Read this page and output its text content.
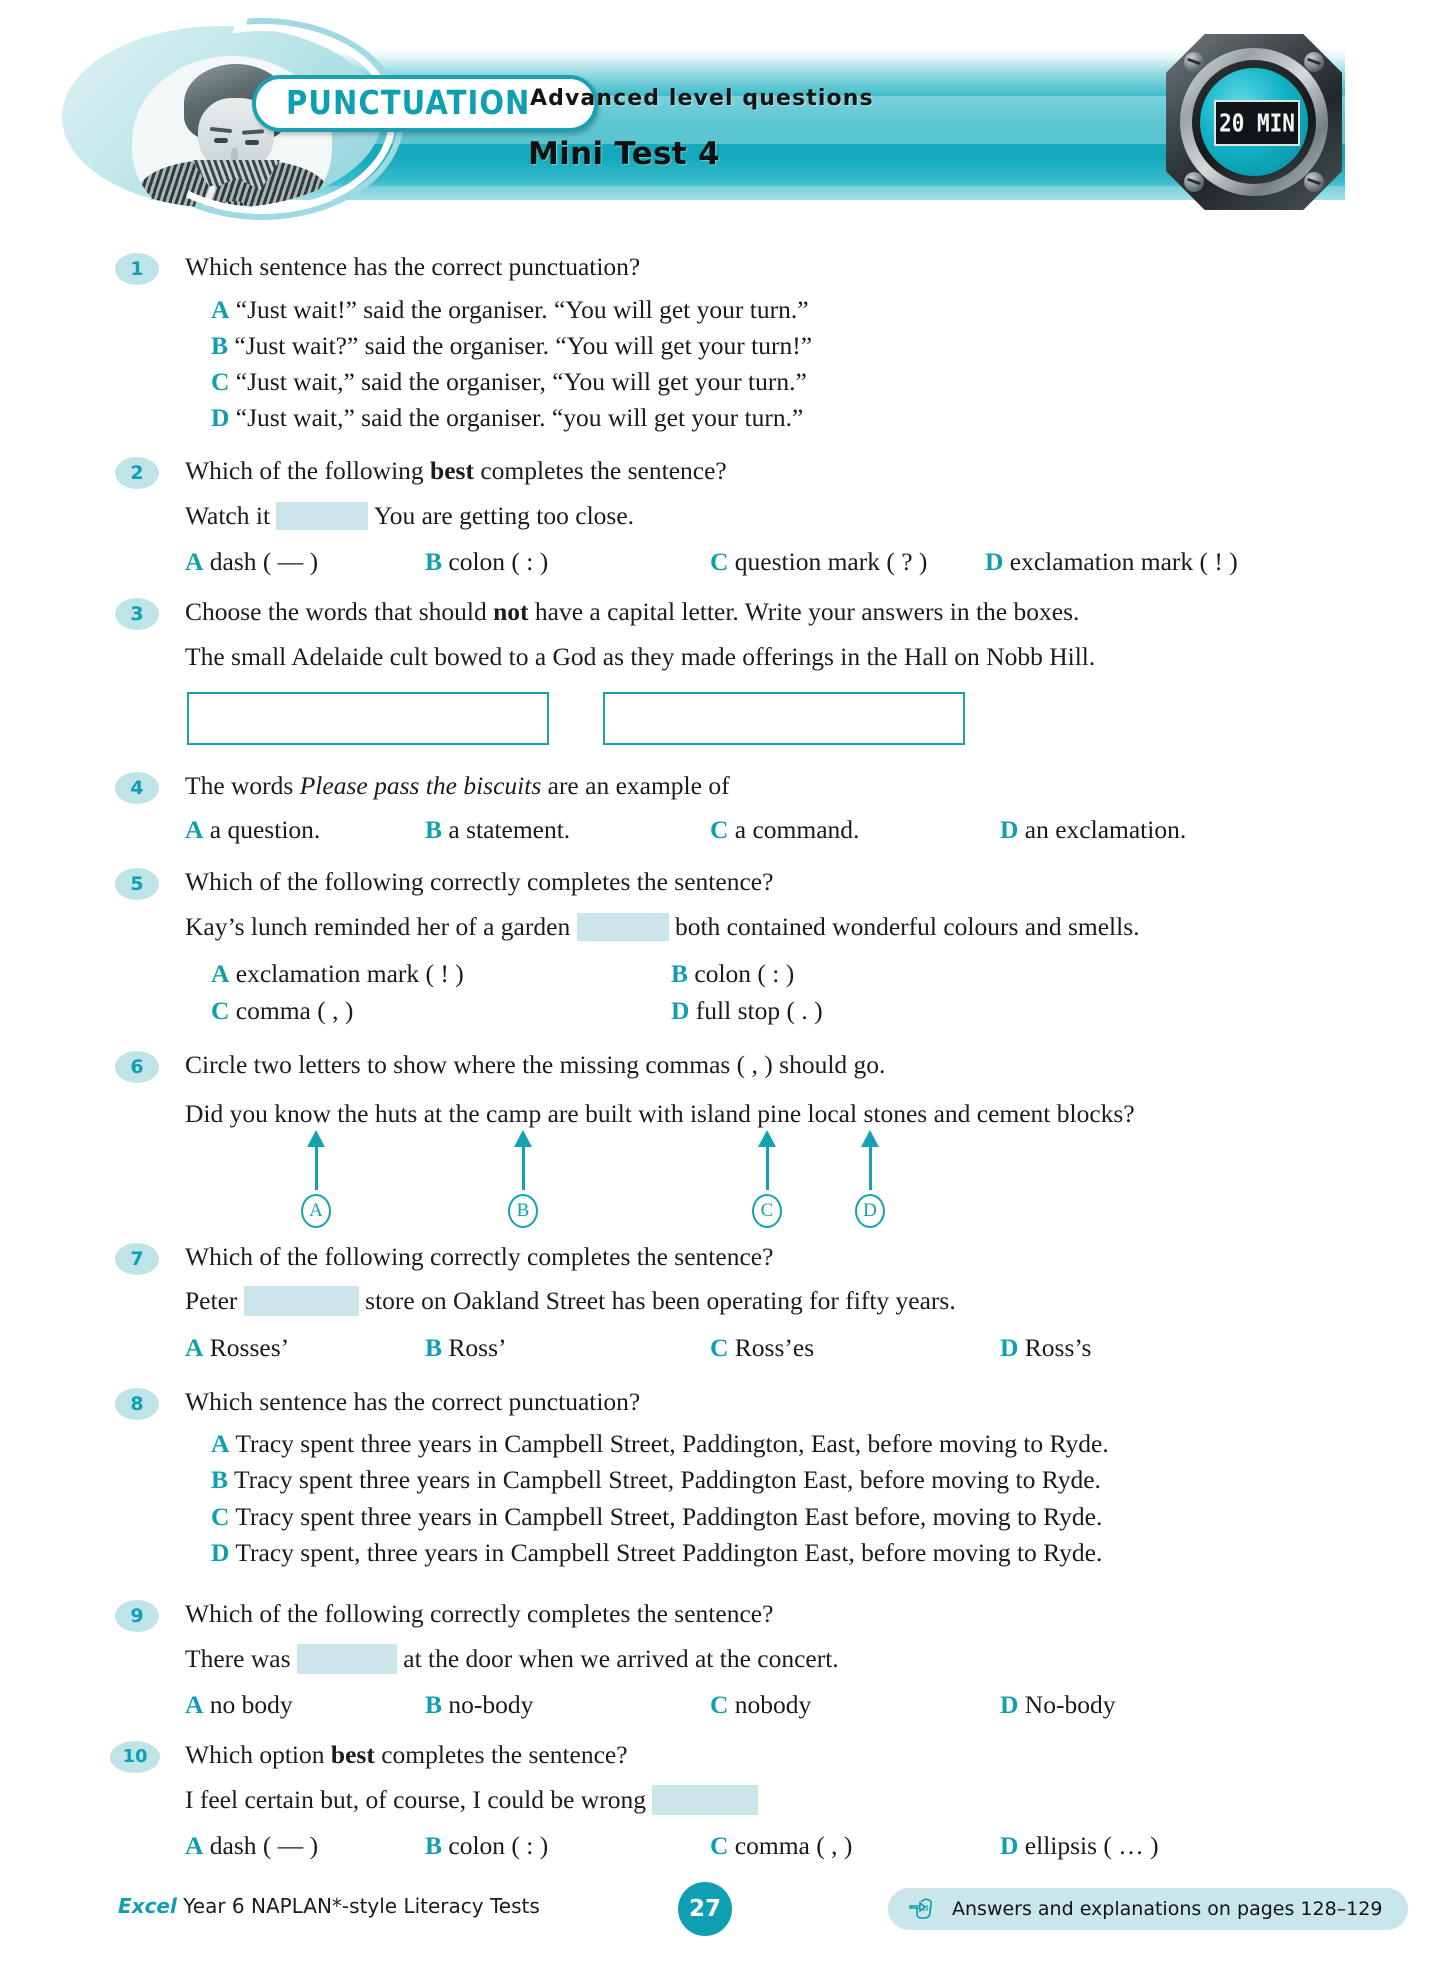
PUNCTUATION Advanced level questions
Mini Test 4
20 MIN
1	Which sentence has the correct punctuation?
A “Just wait!” said the organiser. “You will get your turn.”
B “Just wait?” said the organiser. “You will get your turn!”
C “Just wait,” said the organiser, “You will get your turn.”
D “Just wait,” said the organiser. “you will get your turn.”
2	Which of the following best completes the sentence?
Watch it	You are getting too close.
A dash ( — )	B colon ( : )	C question mark ( ? )	D exclamation mark ( ! )
3	Choose the words that should not have a capital letter. Write your answers in the boxes.
The small Adelaide cult bowed to a God as they made offerings in the Hall on Nobb Hill.
4	The words Please pass the biscuits are an example of
A a question.	B a statement.	C a command.	D an exclamation.
5	Which of the following correctly completes the sentence?
Kay’s lunch reminded her of a garden	both contained wonderful colours and smells.
A exclamation mark ( ! )	B colon ( : )
C comma ( , )	D full stop ( . )
6	Circle two letters to show where the missing commas ( , ) should go.
Did you know the huts at the camp are built with island pine local stones and cement blocks?
A	B	C	D
7	Which of the following correctly completes the sentence?
Peter	store on Oakland Street has been operating for fifty years.
A Rosses’	B Ross’	C Ross’es	D Ross’s
8	Which sentence has the correct punctuation?
A Tracy spent three years in Campbell Street, Paddington, East, before moving to Ryde.
B Tracy spent three years in Campbell Street, Paddington East, before moving to Ryde.
C Tracy spent three years in Campbell Street, Paddington East before, moving to Ryde.
D Tracy spent, three years in Campbell Street Paddington East, before moving to Ryde.
9	Which of the following correctly completes the sentence?
There was	at the door when we arrived at the concert.
A no body	B no-body	C nobody	D No-body
10	Which option best completes the sentence?
I feel certain but, of course, I could be wrong
A dash ( — )	B colon ( : )	C comma ( , )	D ellipsis ( … )
Excel Year 6 NAPLAN*-style Literacy Tests	27	Answers and explanations on pages 128–129
